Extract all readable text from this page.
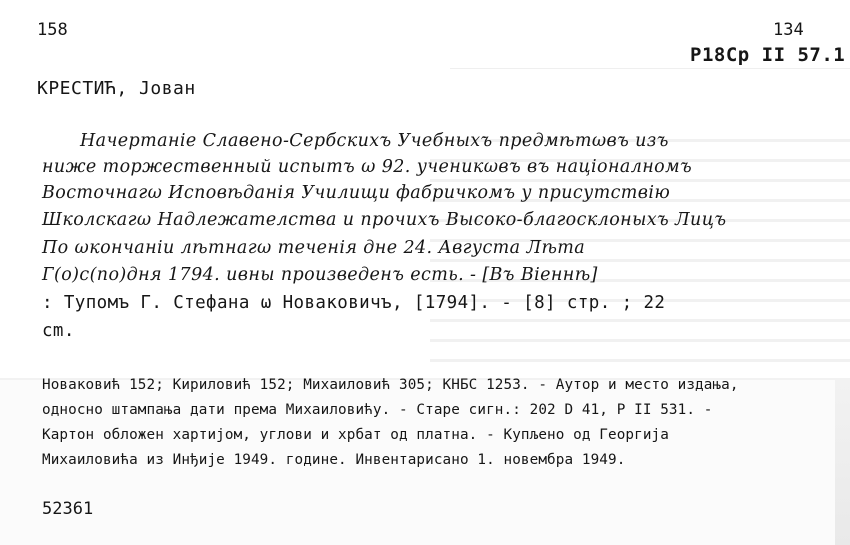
158	134
P18Cp II 57.1
КРЕСТИЋ, Јован
Начертаніе Славено-Сербскихъ Учебныхъ предмѣтωвъ изъ
нижe торжественный испытъ ω 92. ученикωвъ въ націоналномъ
Восточнагω Исповѣданія Училищи фабричкомъ у присутствію
Школскагω Надлежателства и прочихъ Высоко-благосклоныхъ Лицъ
По ωкончаніи лѣтнагω теченія дне 24. Августа Лѣта
Г(о)с(по)дня 1794. ивны произведенъ есть. - [Въ Віеннѣ]
: Тупомъ Г. Стефана ω Новаковичъ, [1794]. - [8] стр. ; 22
cm.
Новаковић 152; Кириловић 152; Михаиловић 305; КНБС 1253. - Аутор и место издања,
односно штампања дати према Михаиловићу. - Старе сигн.: 202 D 41, Р II 531. -
Картон обложен хартијом, углови и хрбат од платна. - Купљено од Георгија
Михаиловића из Инђије 1949. године. Инвентарисано 1. новембра 1949.
52361
